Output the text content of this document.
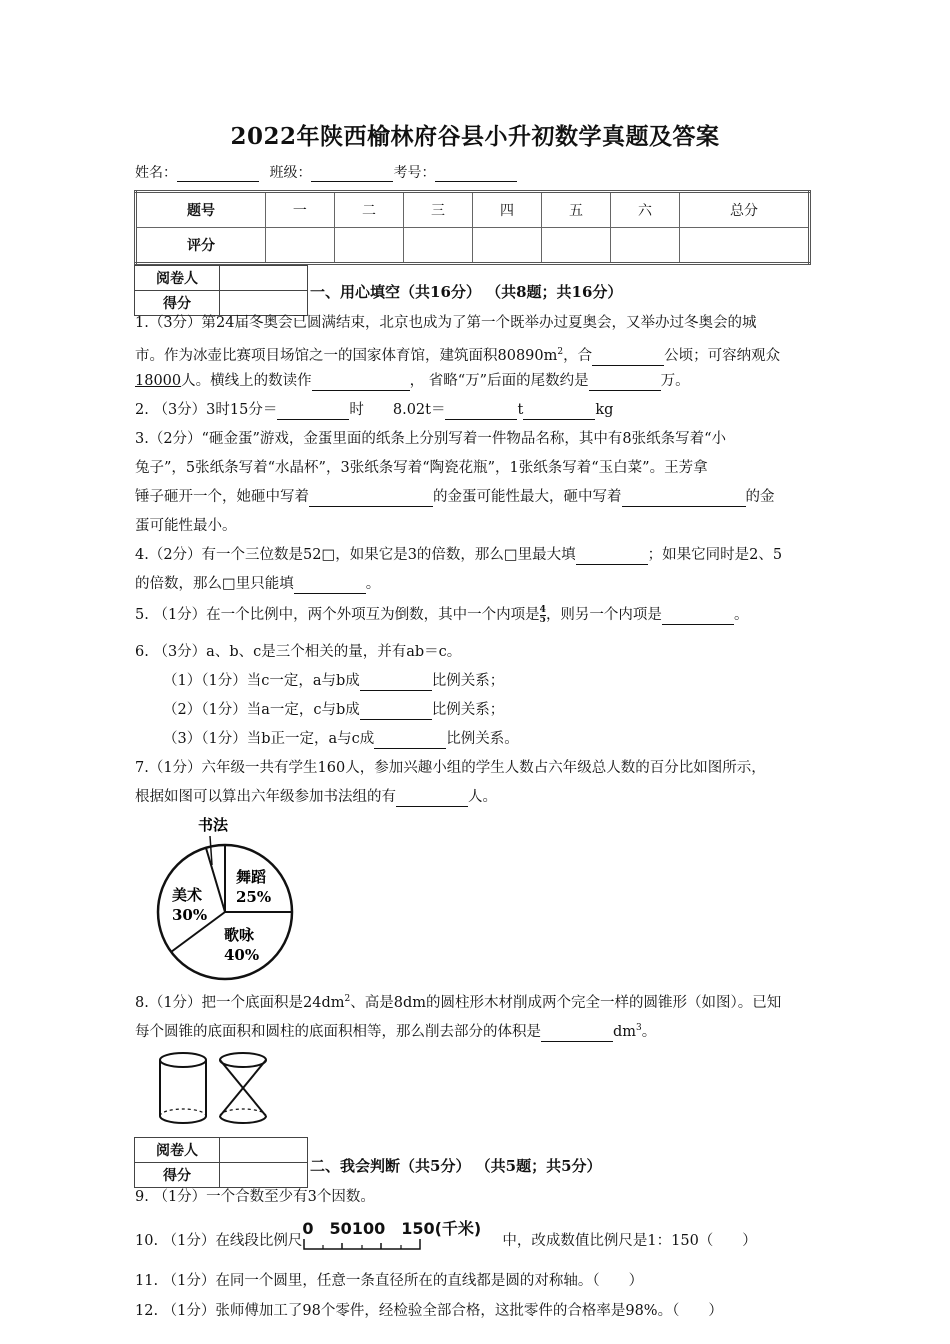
2022年陕西榆林府谷县小升初数学真题及答案
姓名：	班级：	考号：
题号	一	二	三	四	五	六	总分
评分							
阅卷人	
得分	
一、用心填空（共16分） （共8题；共16分）
1.（3分）第24届冬奥会已圆满结束，北京也成为了第一个既举办过夏奥会，又举办过冬奥会的城
市。作为冰壶比赛项目场馆之一的国家体育馆，建筑面积$80890m^2$，合	公顷；可容纳观众
18000人。横线上的数读作	， 省略“万”后面的尾数约是	万。
2. （3分）3时15分＝	时　　8.02t＝	t	kg
3.（2分）“砸金蛋”游戏，金蛋里面的纸条上分别写着一件物品名称，其中有8张纸条写着“小
兔子”，5张纸条写着“水晶杯”，3张纸条写着“陶瓷花瓶”，1张纸条写着“玉白菜”。王芳拿
锤子砸开一个，她砸中写着	的金蛋可能性最大，砸中写着	的金
蛋可能性最小。
4.（2分）有一个三位数是52□，如果它是3的倍数，那么□里最大填	；如果它同时是2、5
的倍数，那么□里只能填	。
5. （1分）在一个比例中，两个外项互为倒数，其中一个内项是 $\frac{4}{5}$ ，则另一个内项是	。
6. （3分）a、b、c是三个相关的量，并有ab＝c。
（1）（1分）当c一定，a与b成	比例关系；
（2）（1分）当a一定，c与b成	比例关系；
（3）（1分）当b正一定，a与c成	比例关系。
7.（1分）六年级一共有学生160人，参加兴趣小组的学生人数占六年级总人数的百分比如图所示，
根据如图可以算出六年级参加书法组的有	人。
书法
舞蹈
25%
美术
30%
歌咏
40%
8.（1分）把一个底面积是$24dm^2$、高是8dm的圆柱形木材削成两个完全一样的圆锥形（如图）。已知
每个圆锥的底面积和圆柱的底面积相等，那么削去部分的体积是	$dm^3$。
阅卷人	
得分	
二、我会判断（共5分） （共5题；共5分）
9. （1分）一个合数至少有3个因数。
10. （1分）在线段比例尺
0　50100　150(千米)
中，改成数值比例尺是1：150（　　）
11. （1分）在同一个圆里，任意一条直径所在的直线都是圆的对称轴。（　　）
12. （1分）张师傅加工了98个零件，经检验全部合格，这批零件的合格率是98%。（　　）
